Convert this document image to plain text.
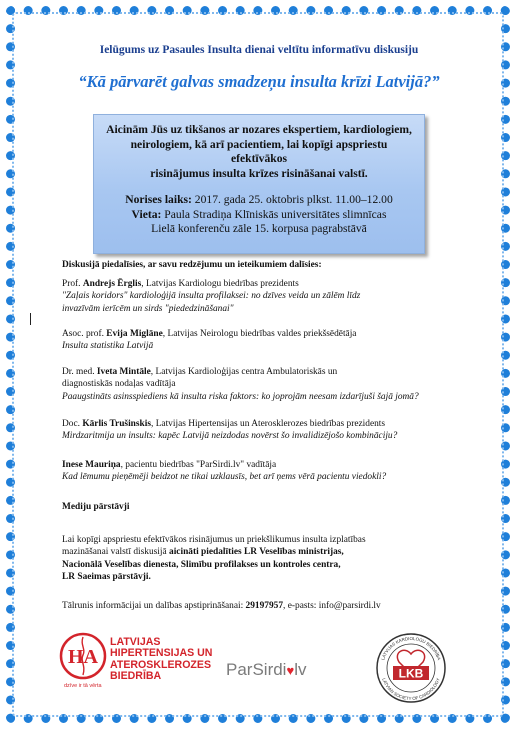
Ielūgums uz Pasaules Insulta dienai veltītu informatīvu diskusiju
“Kā pārvarēt galvas smadzeņu insulta krīzi Latvijā?”
Aicinām Jūs uz tikšanos ar nozares ekspertiem, kardiologiem,
neirologiem, kā arī pacientiem, lai kopīgi apspriestu efektīvākos
risinājumus insulta krīzes risināšanai valstī.
Norises laiks: 2017. gada 25. oktobris plkst. 11.00–12.00
Vieta: Paula Stradiņa Klīniskās universitātes slimnīcas
Lielā konferenču zāle 15. korpusa pagrabstāvā
Diskusijā piedalīsies, ar savu redzējumu un ieteikumiem dalīsies:
Prof. Andrejs Ērglis, Latvijas Kardiologu biedrības prezidents
"Zaļais koridors" kardioloģijā insulta profilaksei: no dzīves veida un zālēm līdz
invazīvām ierīcēm un sirds "piededzināšanai"
Asoc. prof. Evija Miglāne, Latvijas Neirologu biedrības valdes priekšsēdētāja
Insulta statistika Latvijā
Dr. med. Iveta Mintāle, Latvijas Kardioloģijas centra Ambulatoriskās un
diagnostiskās nodaļas vadītāja
Paaugstināts asinsspiediens kā insulta riska faktors: ko joprojām neesam izdarījuši šajā jomā?
Doc. Kārlis Trušinskis, Latvijas Hipertensijas un Aterosklerozes biedrības prezidents
Mirdzaritmija un insults: kapēc Latvijā neizdodas novērst šo invalidizējošo kombināciju?
Inese Mauriņa, pacientu biedrības "ParSirdi.lv" vadītāja
Kad lēmumu pieņēmēji beidzot ne tikai uzklausīs, bet arī ņems vērā pacientu viedokli?
Mediju pārstāvji
Lai kopīgi apspriestu efektīvākos risinājumus un priekšlikumus insulta izplatības
mazināšanai valstī diskusijā aicināti piedalīties LR Veselības ministrijas,
Nacionālā Veselības dienesta, Slimību profilakses un kontroles centra,
LR Saeimas pārstāvji.
Tālrunis informācijai un dalības apstiprināšanai: 29197957, e-pasts: info@parsirdi.lv
HA
LATVIJAS
HIPERTENSIJAS UN
ATEROSKLEROZES
BIEDRĪBA
dzīve ir tā vērta
ParSirdi♥lv
LATVIJAS KARDIOLOGU BIEDRĪBA
LATVIAN SOCIETY OF CARDIOLOGY
LKB
